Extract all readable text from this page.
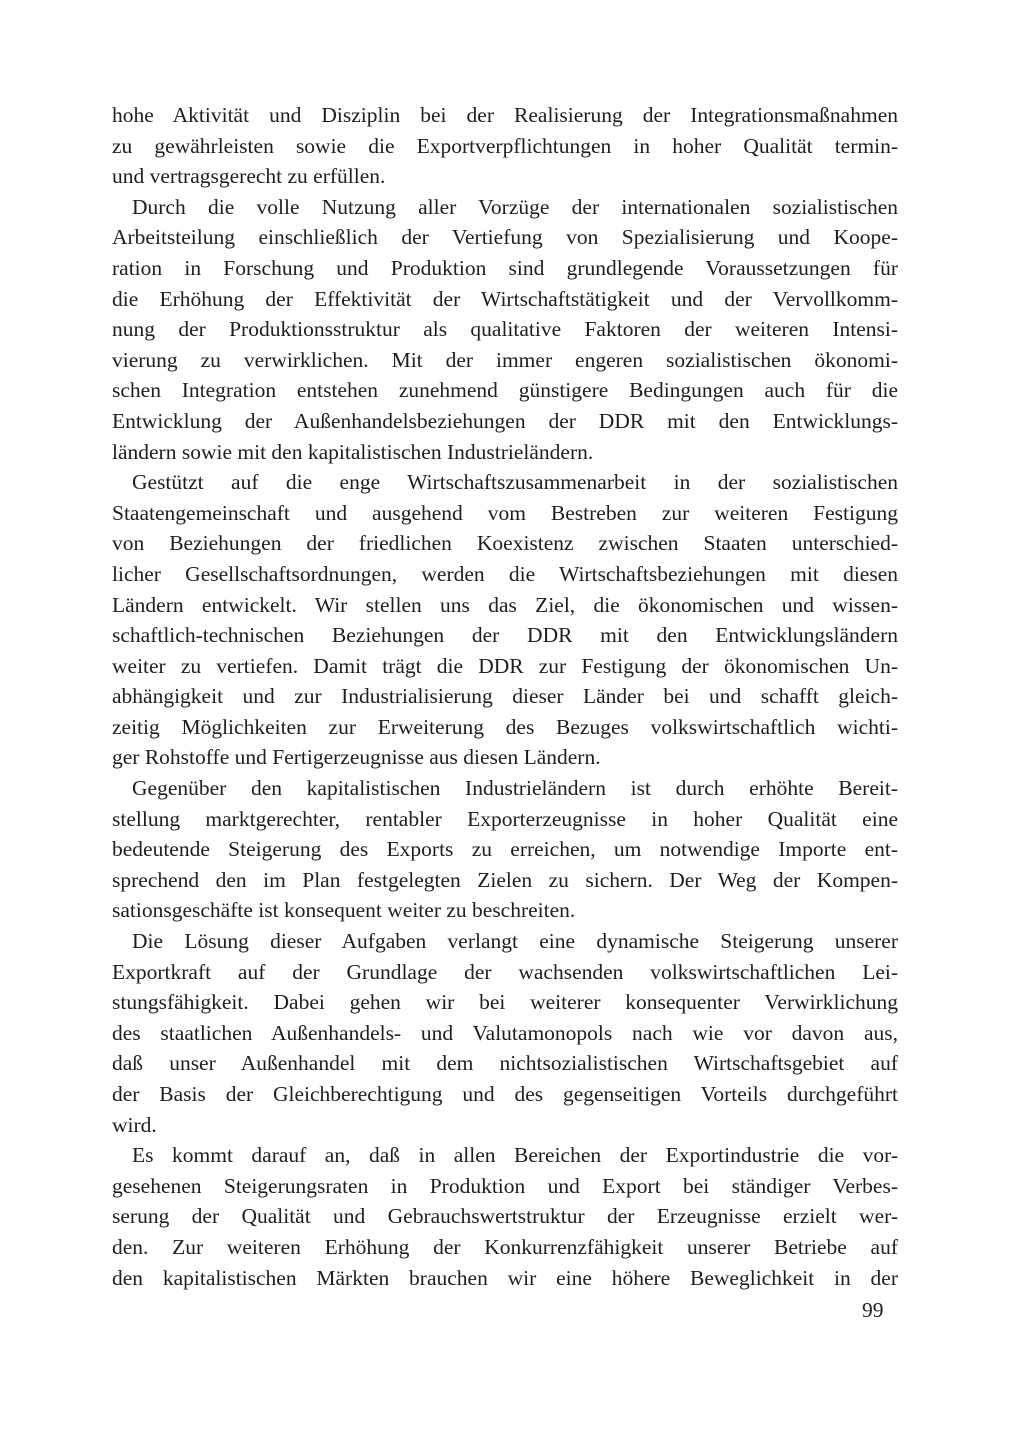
hohe Aktivität und Disziplin bei der Realisierung der Integrationsmaßnahmen
zu gewährleisten sowie die Exportverpflichtungen in hoher Qualität termin-
und vertragsgerecht zu erfüllen.
Durch die volle Nutzung aller Vorzüge der internationalen sozialistischen
Arbeitsteilung einschließlich der Vertiefung von Spezialisierung und Koope-
ration in Forschung und Produktion sind grundlegende Voraussetzungen für
die Erhöhung der Effektivität der Wirtschaftstätigkeit und der Vervollkomm-
nung der Produktionsstruktur als qualitative Faktoren der weiteren Intensi-
vierung zu verwirklichen. Mit der immer engeren sozialistischen ökonomi-
schen Integration entstehen zunehmend günstigere Bedingungen auch für die
Entwicklung der Außenhandelsbeziehungen der DDR mit den Entwicklungs-
ländern sowie mit den kapitalistischen Industrieländern.
Gestützt auf die enge Wirtschaftszusammenarbeit in der sozialistischen
Staatengemeinschaft und ausgehend vom Bestreben zur weiteren Festigung
von Beziehungen der friedlichen Koexistenz zwischen Staaten unterschied-
licher Gesellschaftsordnungen, werden die Wirtschaftsbeziehungen mit diesen
Ländern entwickelt. Wir stellen uns das Ziel, die ökonomischen und wissen-
schaftlich-technischen Beziehungen der DDR mit den Entwicklungsländern
weiter zu vertiefen. Damit trägt die DDR zur Festigung der ökonomischen Un-
abhängigkeit und zur Industrialisierung dieser Länder bei und schafft gleich-
zeitig Möglichkeiten zur Erweiterung des Bezuges volkswirtschaftlich wichti-
ger Rohstoffe und Fertigerzeugnisse aus diesen Ländern.
Gegenüber den kapitalistischen Industrieländern ist durch erhöhte Bereit-
stellung marktgerechter, rentabler Exporterzeugnisse in hoher Qualität eine
bedeutende Steigerung des Exports zu erreichen, um notwendige Importe ent-
sprechend den im Plan festgelegten Zielen zu sichern. Der Weg der Kompen-
sationsgeschäfte ist konsequent weiter zu beschreiten.
Die Lösung dieser Aufgaben verlangt eine dynamische Steigerung unserer
Exportkraft auf der Grundlage der wachsenden volkswirtschaftlichen Lei-
stungsfähigkeit. Dabei gehen wir bei weiterer konsequenter Verwirklichung
des staatlichen Außenhandels- und Valutamonopols nach wie vor davon aus,
daß unser Außenhandel mit dem nichtsozialistischen Wirtschaftsgebiet auf
der Basis der Gleichberechtigung und des gegenseitigen Vorteils durchgeführt
wird.
Es kommt darauf an, daß in allen Bereichen der Exportindustrie die vor-
gesehenen Steigerungsraten in Produktion und Export bei ständiger Verbes-
serung der Qualität und Gebrauchswertstruktur der Erzeugnisse erzielt wer-
den. Zur weiteren Erhöhung der Konkurrenzfähigkeit unserer Betriebe auf
den kapitalistischen Märkten brauchen wir eine höhere Beweglichkeit in der
99
